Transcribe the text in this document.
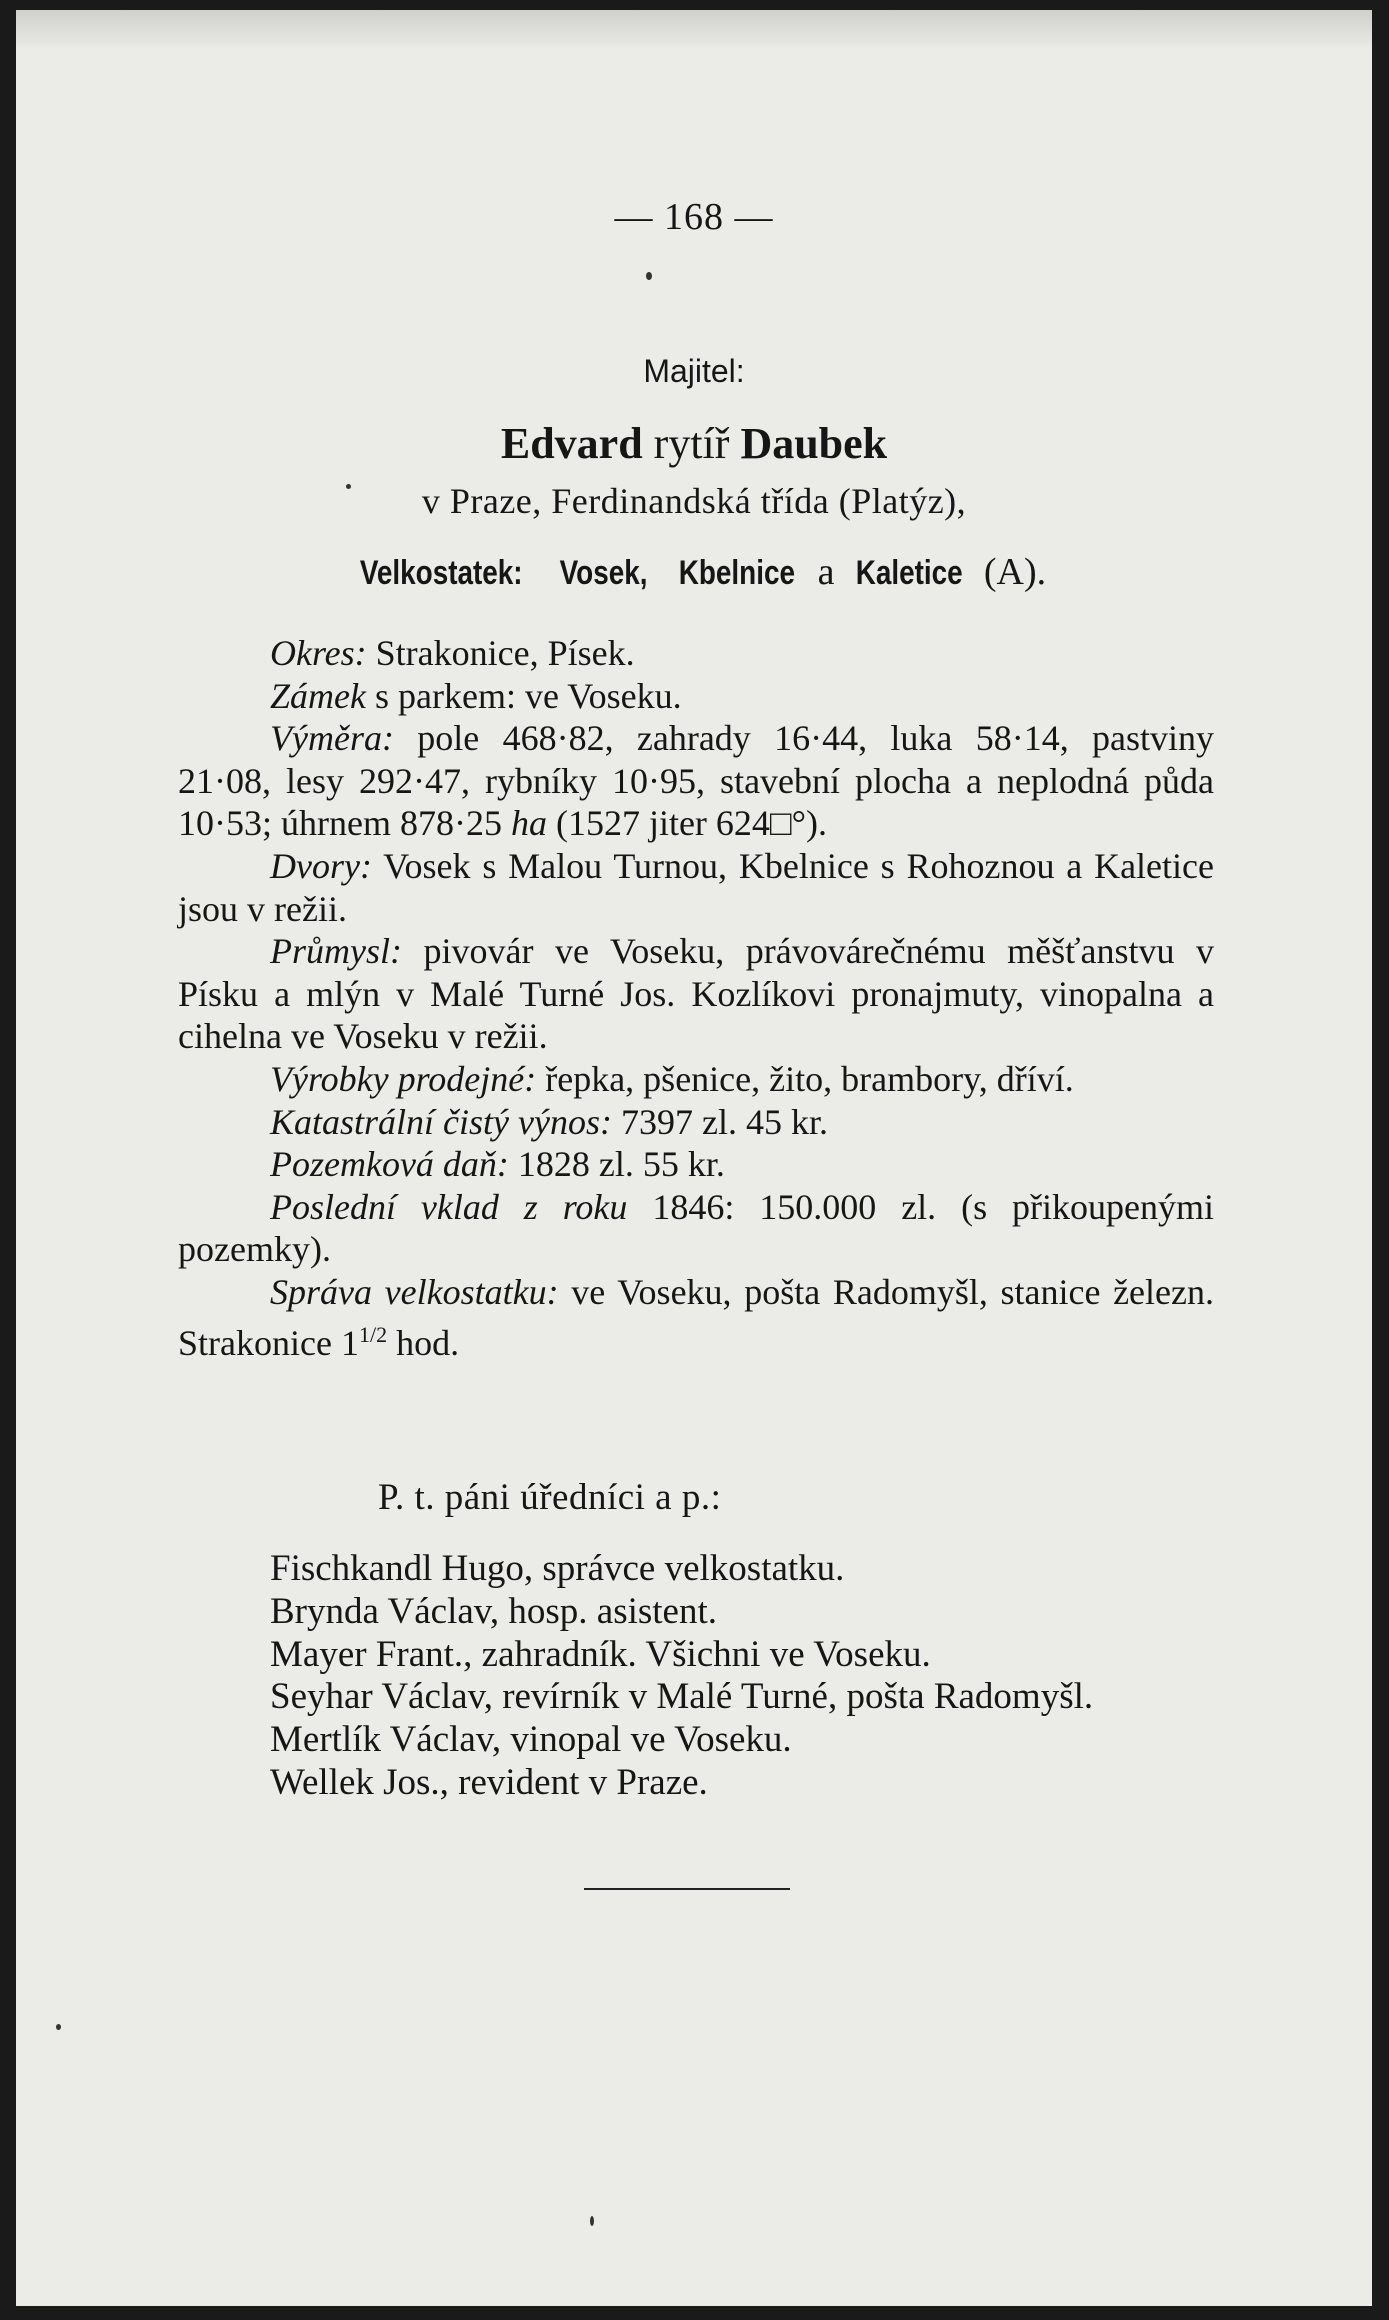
— 168 —
Majitel:
Edvard rytíř Daubek
v Praze, Ferdinandská třída (Platýz),
Velkostatek: Vosek, Kbelnice a Kaletice (A).

Okres: Strakonice, Písek.

Zámek s parkem: ve Voseku.

Výměra: pole 468·82, zahrady 16·44, luka 58·14, pastviny 21·08, lesy 292·47, rybníky 10·95, stavební plocha a neplodná půda 10·53; úhrnem 878·25 ha (1527 jiter 624□°).

Dvory: Vosek s Malou Turnou, Kbelnice s Rohoznou a Kaletice jsou v režii.

Průmysl: pivovár ve Voseku, právovárečnému měšťanstvu v Písku a mlýn v Malé Turné Jos. Kozlíkovi pronajmuty, vinopalna a cihelna ve Voseku v režii.

Výrobky prodejné: řepka, pšenice, žito, brambory, dříví.

Katastrální čistý výnos: 7397 zl. 45 kr.

Pozemková daň: 1828 zl. 55 kr.

Poslední vklad z roku 1846: 150.000 zl. (s přikoupenými pozemky).

Správa velkostatku: ve Voseku, pošta Radomyšl, stanice železn. Strakonice $1^{1/2}$ hod.

P. t. páni úředníci a p.:

Fischkandl Hugo, správce velkostatku.

Brynda Václav, hosp. asistent.

Mayer Frant., zahradník. Všichni ve Voseku.

Seyhar Václav, revírník v Malé Turné, pošta Radomyšl.

Mertlík Václav, vinopal ve Voseku.

Wellek Jos., revident v Praze.
